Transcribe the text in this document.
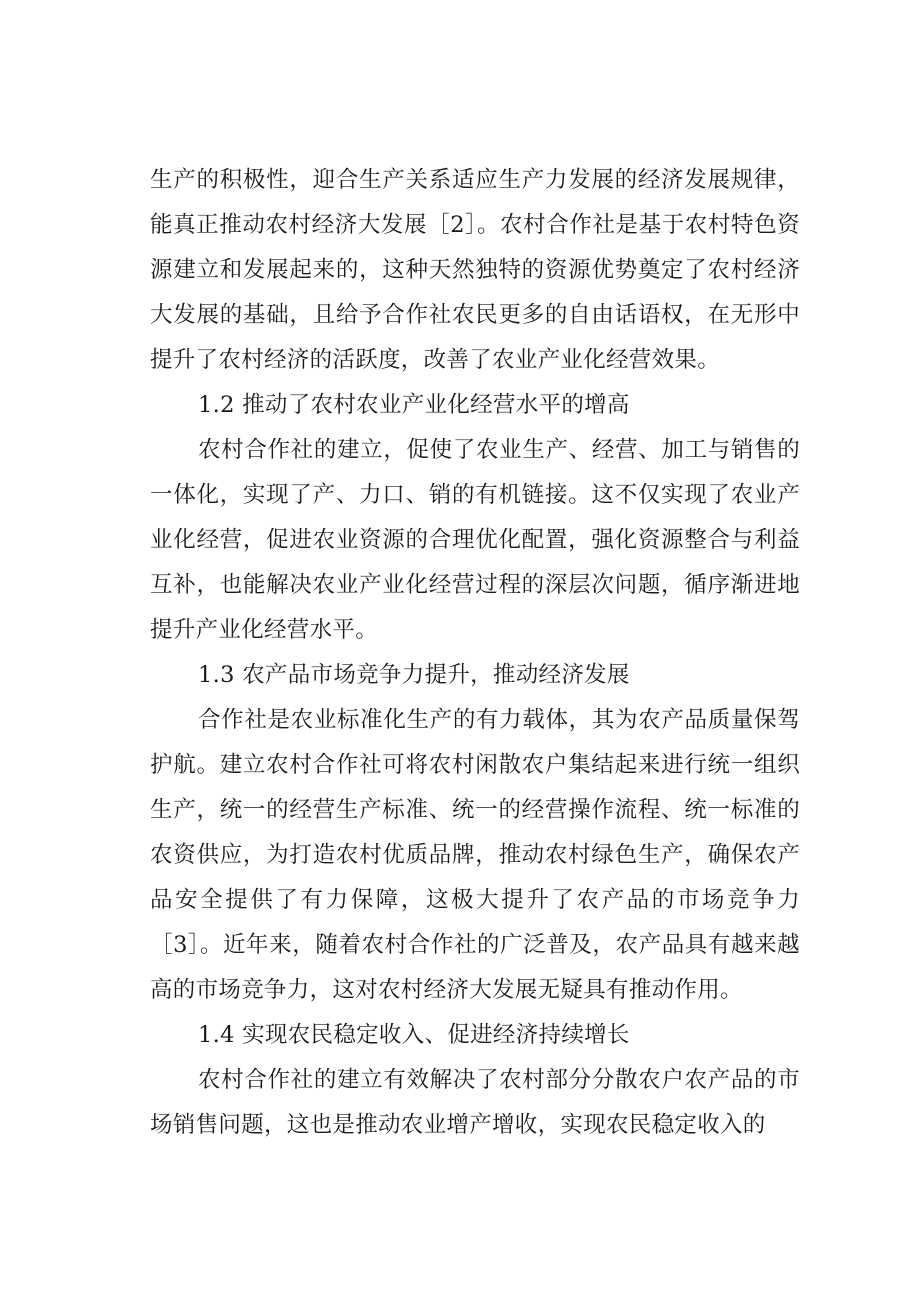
生产的积极性，迎合生产关系适应生产力发展的经济发展规律，能真正推动农村经济大发展［2］。农村合作社是基于农村特色资源建立和发展起来的，这种天然独特的资源优势奠定了农村经济大发展的基础，且给予合作社农民更多的自由话语权，在无形中提升了农村经济的活跃度，改善了农业产业化经营效果。

1.2 推动了农村农业产业化经营水平的增高

农村合作社的建立，促使了农业生产、经营、加工与销售的一体化，实现了产、力口、销的有机链接。这不仅实现了农业产业化经营，促进农业资源的合理优化配置，强化资源整合与利益互补，也能解决农业产业化经营过程的深层次问题，循序渐进地提升产业化经营水平。

1.3 农产品市场竞争力提升，推动经济发展

合作社是农业标准化生产的有力载体，其为农产品质量保驾护航。建立农村合作社可将农村闲散农户集结起来进行统一组织生产，统一的经营生产标准、统一的经营操作流程、统一标准的农资供应，为打造农村优质品牌，推动农村绿色生产，确保农产品安全提供了有力保障，这极大提升了农产品的市场竞争力［3］。近年来，随着农村合作社的广泛普及，农产品具有越来越高的市场竞争力，这对农村经济大发展无疑具有推动作用。

1.4 实现农民稳定收入、促进经济持续增长

农村合作社的建立有效解决了农村部分分散农户农产品的市场销售问题，这也是推动农业增产增收，实现农民稳定收入的
